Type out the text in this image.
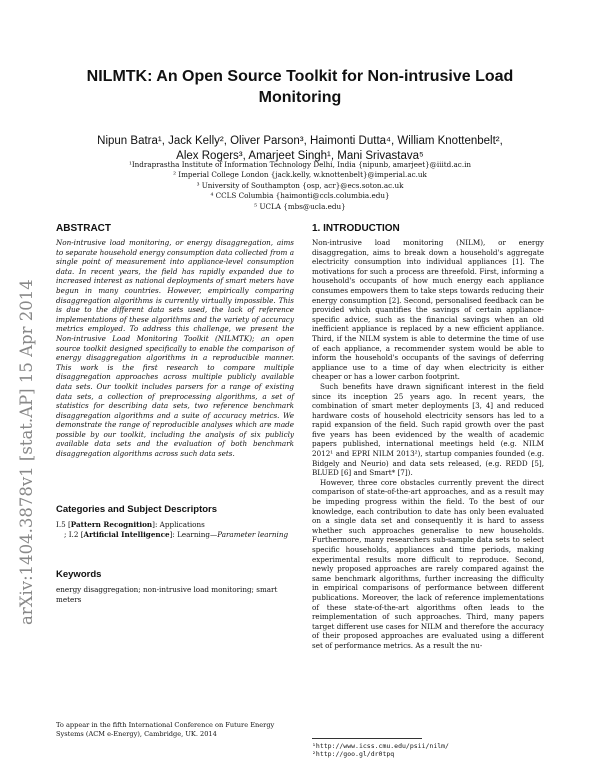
arXiv:1404.3878v1 [stat.AP] 15 Apr 2014
NILMTK: An Open Source Toolkit for Non-intrusive Load
Monitoring
Nipun Batra¹, Jack Kelly², Oliver Parson³, Haimonti Dutta⁴, William Knottenbelt²,
Alex Rogers³, Amarjeet Singh¹, Mani Srivastava⁵
¹Indraprastha Institute of Information Technology Delhi, India {nipunb, amarjeet}@iiitd.ac.in
² Imperial College London {jack.kelly, w.knottenbelt}@imperial.ac.uk
³ University of Southampton {osp, acr}@ecs.soton.ac.uk
⁴ CCLS Columbia {haimonti@ccls.columbia.edu}
⁵ UCLA {mbs@ucla.edu}
ABSTRACT
Non-intrusive load monitoring, or energy disaggregation, aims to separate household energy consumption data collected from a single point of measurement into appliance-level consumption data. In recent years, the field has rapidly expanded due to increased interest as national deployments of smart meters have begun in many countries. However, empirically comparing disaggregation algorithms is currently virtually impossible. This is due to the different data sets used, the lack of reference implementations of these algorithms and the variety of accuracy metrics employed. To address this challenge, we present the Non-intrusive Load Monitoring Toolkit (NILMTK); an open source toolkit designed specifically to enable the comparison of energy disaggregation algorithms in a reproducible manner. This work is the first research to compare multiple disaggregation approaches across multiple publicly available data sets. Our toolkit includes parsers for a range of existing data sets, a collection of preprocessing algorithms, a set of statistics for describing data sets, two reference benchmark disaggregation algorithms and a suite of accuracy metrics. We demonstrate the range of reproducible analyses which are made possible by our toolkit, including the analysis of six publicly available data sets and the evaluation of both benchmark disaggregation algorithms across such data sets.
Categories and Subject Descriptors
I.5 [Pattern Recognition]: Applications
; I.2 [Artificial Intelligence]: Learning—Parameter learning
Keywords
energy disaggregation; non-intrusive load monitoring; smart meters
To appear in the fifth International Conference on Future Energy Systems (ACM e-Energy), Cambridge, UK. 2014
1. INTRODUCTION

Non-intrusive load monitoring (NILM), or energy disaggregation, aims to break down a household's aggregate electricity consumption into individual appliances [1]. The motivations for such a process are threefold. First, informing a household's occupants of how much energy each appliance consumes empowers them to take steps towards reducing their energy consumption [2]. Second, personalised feedback can be provided which quantifies the savings of certain appliance-specific advice, such as the financial savings when an old inefficient appliance is replaced by a new efficient appliance. Third, if the NILM system is able to determine the time of use of each appliance, a recommender system would be able to inform the household's occupants of the savings of deferring appliance use to a time of day when electricity is either cheaper or has a lower carbon footprint.

Such benefits have drawn significant interest in the field since its inception 25 years ago. In recent years, the combination of smart meter deployments [3, 4] and reduced hardware costs of household electricity sensors has led to a rapid expansion of the field. Such rapid growth over the past five years has been evidenced by the wealth of academic papers published, international meetings held (e.g. NILM 2012¹ and EPRI NILM 2013²), startup companies founded (e.g. Bidgely and Neurio) and data sets released, (e.g. REDD [5], BLUED [6] and Smart* [7]).

However, three core obstacles currently prevent the direct comparison of state-of-the-art approaches, and as a result may be impeding progress within the field. To the best of our knowledge, each contribution to date has only been evaluated on a single data set and consequently it is hard to assess whether such approaches generalise to new households. Furthermore, many researchers sub-sample data sets to select specific households, appliances and time periods, making experimental results more difficult to reproduce. Second, newly proposed approaches are rarely compared against the same benchmark algorithms, further increasing the difficulty in empirical comparisons of performance between different publications. Moreover, the lack of reference implementations of these state-of-the-art algorithms often leads to the reimplementation of such approaches. Third, many papers target different use cases for NILM and therefore the accuracy of their proposed approaches are evaluated using a different set of performance metrics. As a result the nu-

¹http://www.icss.cmu.edu/psii/nilm/
²http://goo.gl/dr0tpq
